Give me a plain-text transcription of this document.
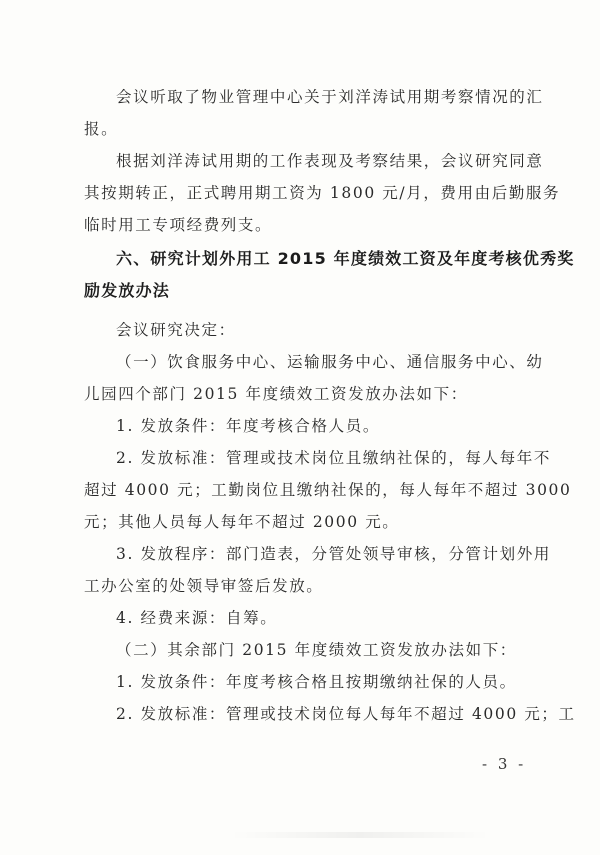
会议听取了物业管理中心关于刘洋涛试用期考察情况的汇
报。
根据刘洋涛试用期的工作表现及考察结果，会议研究同意
其按期转正，正式聘用期工资为 1800 元/月，费用由后勤服务
临时用工专项经费列支。
六、研究计划外用工 2015 年度绩效工资及年度考核优秀奖
励发放办法
会议研究决定：
（一）饮食服务中心、运输服务中心、通信服务中心、幼
儿园四个部门 2015 年度绩效工资发放办法如下：
1. 发放条件：年度考核合格人员。
2. 发放标准：管理或技术岗位且缴纳社保的，每人每年不
超过 4000 元；工勤岗位且缴纳社保的，每人每年不超过 3000
元；其他人员每人每年不超过 2000 元。
3. 发放程序：部门造表，分管处领导审核，分管计划外用
工办公室的处领导审签后发放。
4. 经费来源：自筹。
（二）其余部门 2015 年度绩效工资发放办法如下：
1. 发放条件：年度考核合格且按期缴纳社保的人员。
2. 发放标准：管理或技术岗位每人每年不超过 4000 元；工
- 3 -
